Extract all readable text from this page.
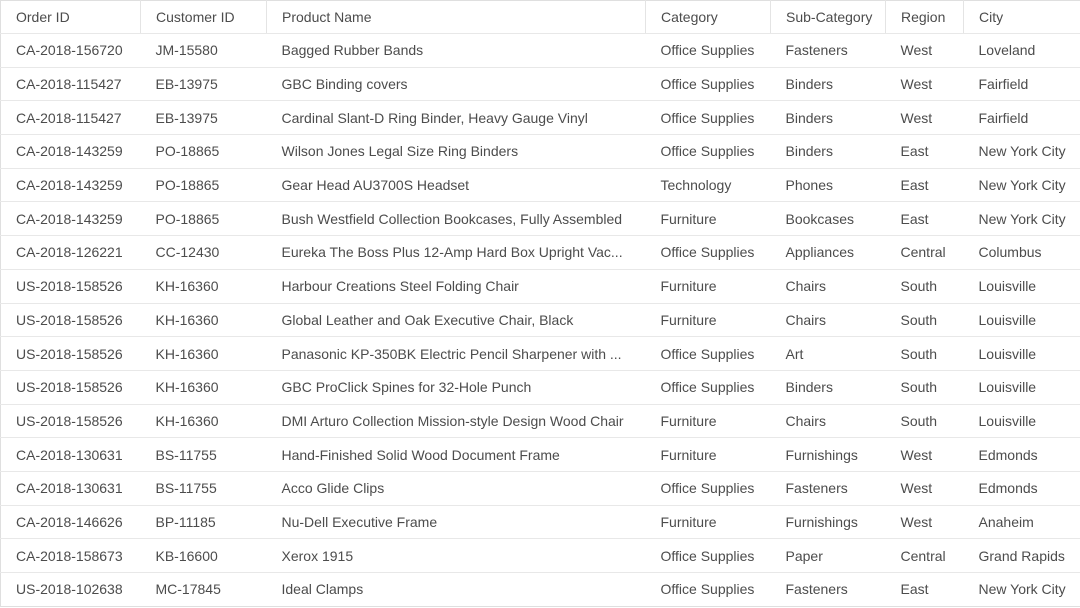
Order ID	Customer ID	Product Name	Category	Sub-Category	Region	City
CA-2018-156720	JM-15580	Bagged Rubber Bands	Office Supplies	Fasteners	West	Loveland
CA-2018-115427	EB-13975	GBC Binding covers	Office Supplies	Binders	West	Fairfield
CA-2018-115427	EB-13975	Cardinal Slant-D Ring Binder, Heavy Gauge Vinyl	Office Supplies	Binders	West	Fairfield
CA-2018-143259	PO-18865	Wilson Jones Legal Size Ring Binders	Office Supplies	Binders	East	New York City
CA-2018-143259	PO-18865	Gear Head AU3700S Headset	Technology	Phones	East	New York City
CA-2018-143259	PO-18865	Bush Westfield Collection Bookcases, Fully Assembled	Furniture	Bookcases	East	New York City
CA-2018-126221	CC-12430	Eureka The Boss Plus 12-Amp Hard Box Upright Vac...	Office Supplies	Appliances	Central	Columbus
US-2018-158526	KH-16360	Harbour Creations Steel Folding Chair	Furniture	Chairs	South	Louisville
US-2018-158526	KH-16360	Global Leather and Oak Executive Chair, Black	Furniture	Chairs	South	Louisville
US-2018-158526	KH-16360	Panasonic KP-350BK Electric Pencil Sharpener with ...	Office Supplies	Art	South	Louisville
US-2018-158526	KH-16360	GBC ProClick Spines for 32-Hole Punch	Office Supplies	Binders	South	Louisville
US-2018-158526	KH-16360	DMI Arturo Collection Mission-style Design Wood Chair	Furniture	Chairs	South	Louisville
CA-2018-130631	BS-11755	Hand-Finished Solid Wood Document Frame	Furniture	Furnishings	West	Edmonds
CA-2018-130631	BS-11755	Acco Glide Clips	Office Supplies	Fasteners	West	Edmonds
CA-2018-146626	BP-11185	Nu-Dell Executive Frame	Furniture	Furnishings	West	Anaheim
CA-2018-158673	KB-16600	Xerox 1915	Office Supplies	Paper	Central	Grand Rapids
US-2018-102638	MC-17845	Ideal Clamps	Office Supplies	Fasteners	East	New York City
